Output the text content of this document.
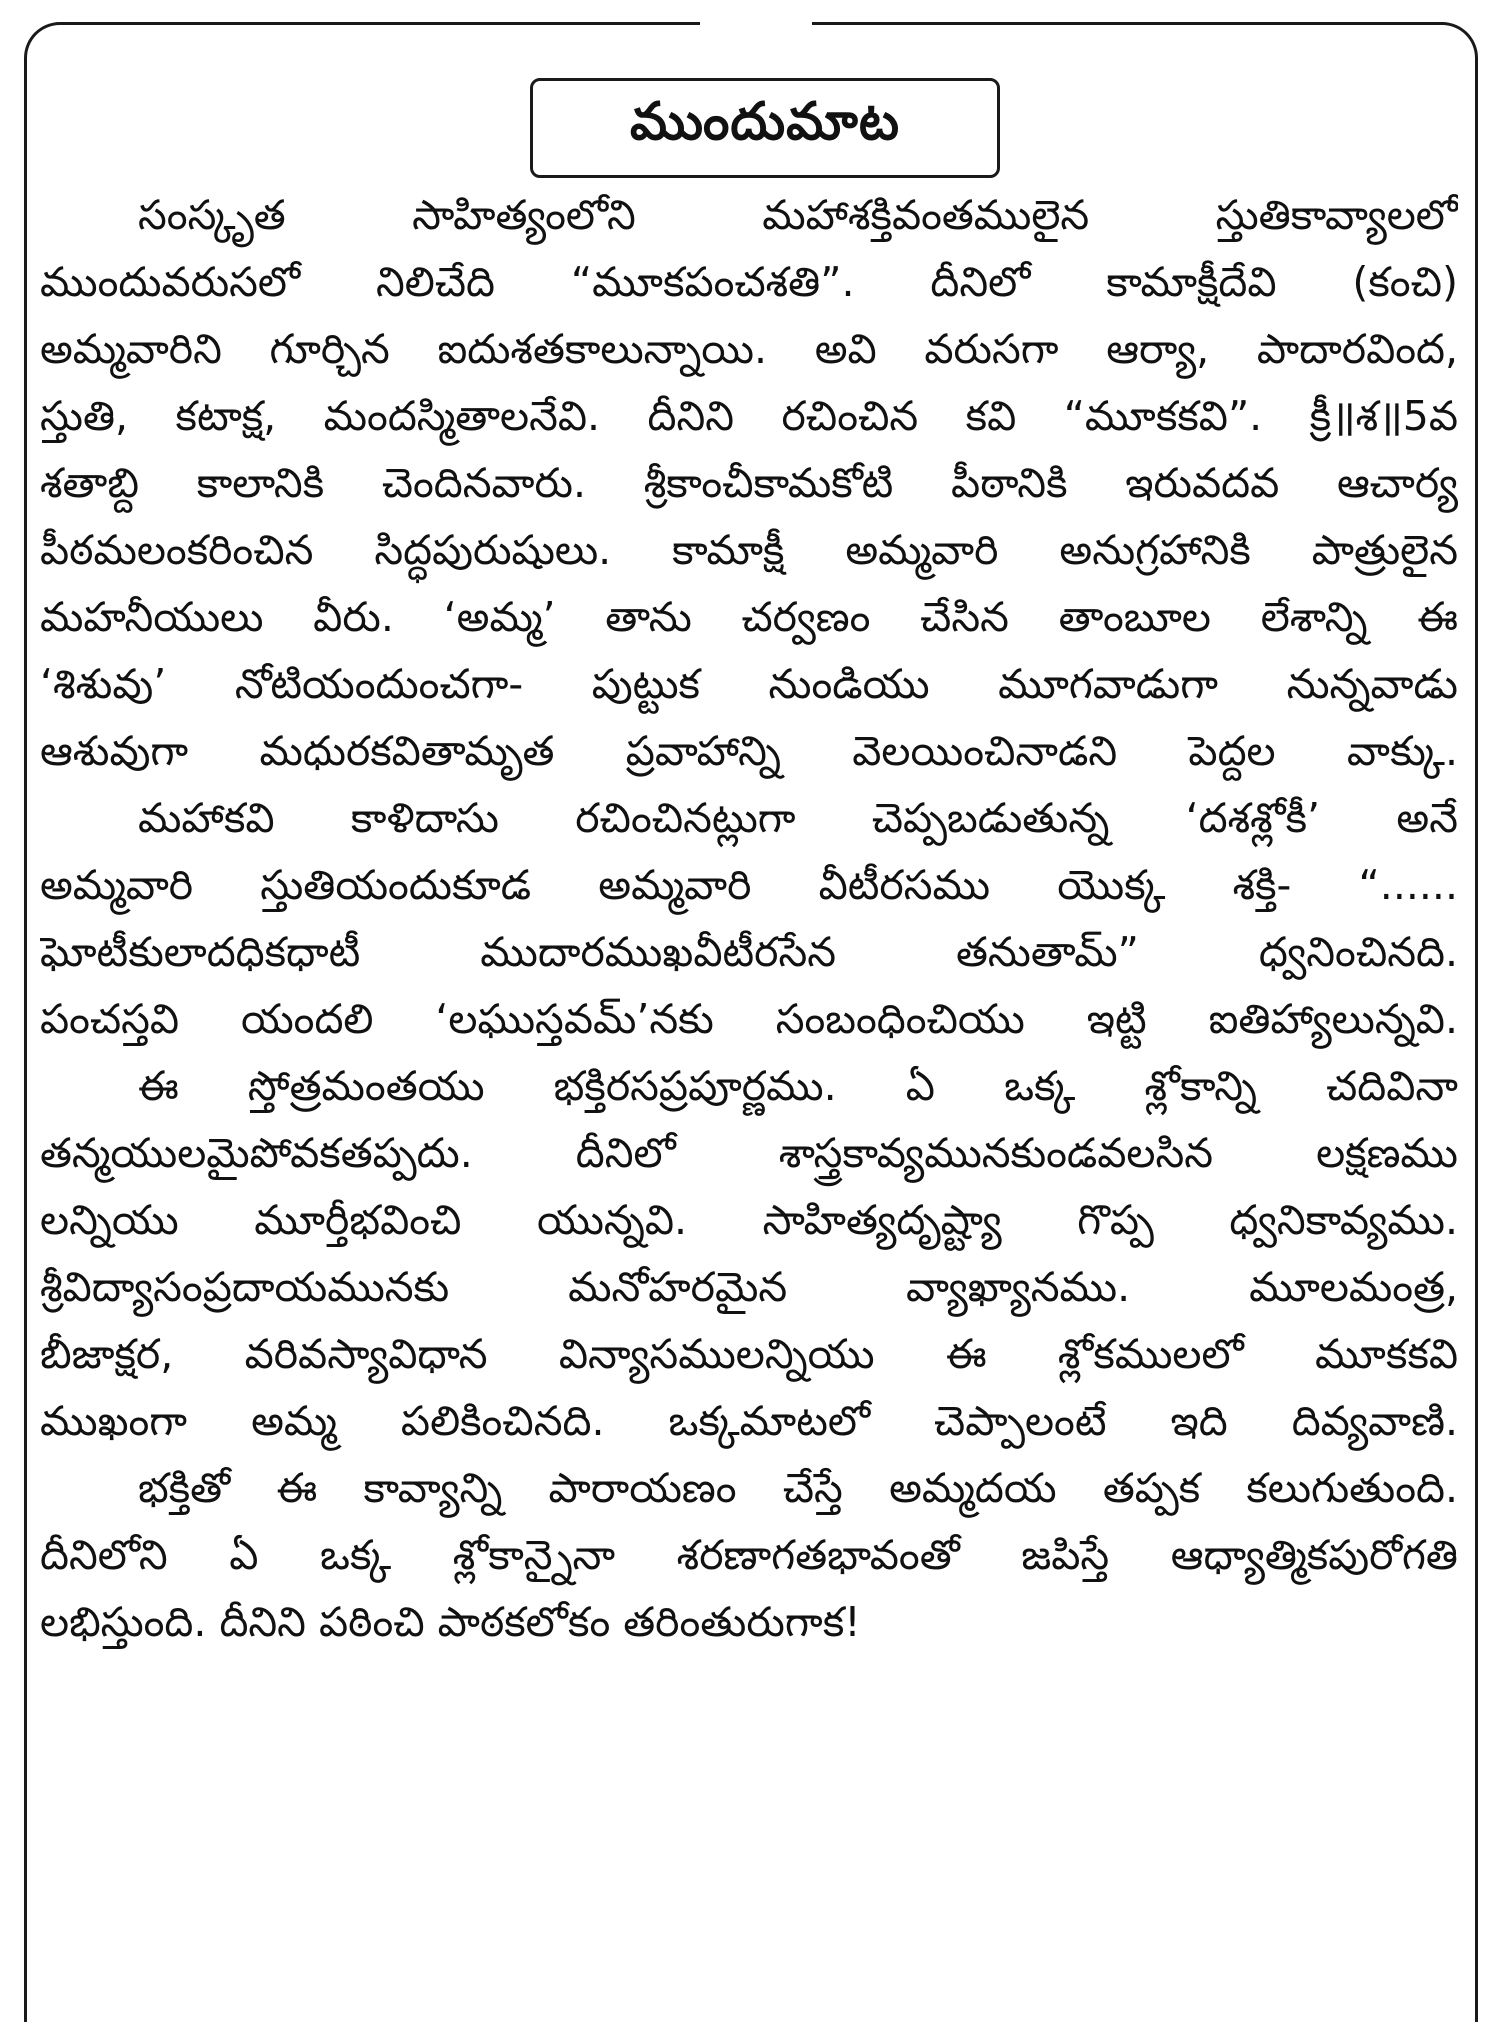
ముందుమాట
సంస్కృత సాహిత్యంలోని మహాశక్తివంతములైన స్తుతికావ్యాలలో
ముందువరుసలో నిలిచేది “మూకపంచశతి”. దీనిలో కామాక్షీదేవి (కంచి)
అమ్మవారిని గూర్చిన ఐదుశతకాలున్నాయి. అవి వరుసగా ఆర్యా, పాదారవింద,
స్తుతి, కటాక్ష, మందస్మితాలనేవి. దీనిని రచించిన కవి “మూకకవి”. క్రీ॥శ॥5వ
శతాబ్ది కాలానికి చెందినవారు. శ్రీకాంచీకామకోటి పీఠానికి ఇరువదవ ఆచార్య
పీఠమలంకరించిన సిద్ధపురుషులు. కామాక్షీ అమ్మవారి అనుగ్రహానికి పాత్రులైన
మహనీయులు వీరు. ‘అమ్మ’ తాను చర్వణం చేసిన తాంబూల లేశాన్ని ఈ
‘శిశువు’ నోటియందుంచగా- పుట్టుక నుండియు మూగవాడుగా నున్నవాడు
ఆశువుగా మధురకవితామృత ప్రవాహాన్ని వెలయించినాడని పెద్దల వాక్కు.
మహాకవి కాళిదాసు రచించినట్లుగా చెప్పబడుతున్న ‘దశశ్లోకీ’ అనే
అమ్మవారి స్తుతియందుకూడ అమ్మవారి వీటీరసము యొక్క శక్తి- “......
ఘోటీకులాదధికధాటీ ముదారముఖవీటీరసేన తనుతామ్” ధ్వనించినది.
పంచస్తవి యందలి ‘లఘుస్తవమ్’నకు సంబంధించియు ఇట్టి ఐతిహ్యాలున్నవి.
ఈ స్తోత్రమంతయు భక్తిరసప్రపూర్ణము. ఏ ఒక్క శ్లోకాన్ని చదివినా
తన్మయులమైపోవకతప్పదు. దీనిలో శాస్త్రకావ్యమునకుండవలసిన లక్షణము
లన్నియు మూర్తీభవించి యున్నవి. సాహిత్యదృష్ట్యా గొప్ప ధ్వనికావ్యము.
శ్రీవిద్యాసంప్రదాయమునకు మనోహరమైన వ్యాఖ్యానము. మూలమంత్ర,
బీజాక్షర, వరివస్యావిధాన విన్యాసములన్నియు ఈ శ్లోకములలో మూకకవి
ముఖంగా అమ్మ పలికించినది. ఒక్కమాటలో చెప్పాలంటే ఇది దివ్యవాణి.
భక్తితో ఈ కావ్యాన్ని పారాయణం చేస్తే అమ్మదయ తప్పక కలుగుతుంది.
దీనిలోని ఏ ఒక్క శ్లోకాన్నైనా శరణాగతభావంతో జపిస్తే ఆధ్యాత్మికపురోగతి
లభిస్తుంది. దీనిని పఠించి పాఠకలోకం తరింతురుగాక!
